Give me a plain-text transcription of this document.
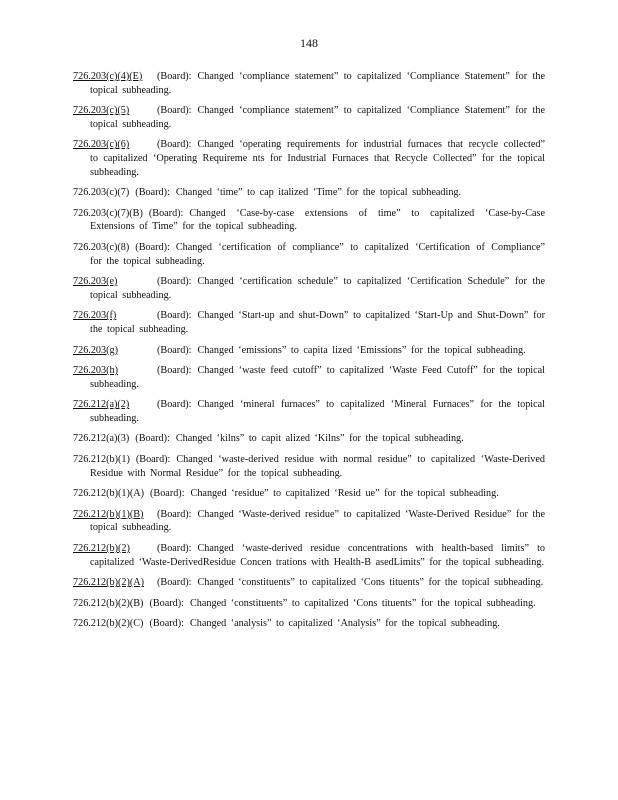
148

726.203(c)(4)(E) (Board): Changed ‘compliance statement” to capitalized ‘Compliance Statement” for the topical subheading.

726.203(c)(5)	(Board): Changed ‘compliance statement” to capitalized ‘Compliance Statement” for the topical subheading.

726.203(c)(6)	(Board): Changed ‘operating requirements for industrial furnaces that recycle collected” to capitalized ‘Operating Requireme nts for Industrial Furnaces that Recycle Collected” for the topical subheading.

726.203(c)(7) (Board): Changed ‘time” to cap italized ‘Time” for the topical subheading.

726.203(c)(7)(B) (Board): Changed ‘Case-by-case extensions of time” to capitalized ‘Case-by-Case Extensions of Time” for the topical subheading.

726.203(c)(8) (Board): Changed ‘certification of compliance” to capitalized ‘Certification of Compliance” for the topical subheading.

726.203(e)	(Board): Changed ‘certification schedule” to capitalized ‘Certification Schedule” for the topical subheading.

726.203(f)	(Board): Changed ‘Start-up and shut-Down” to capitalized ‘Start-Up and Shut-Down” for the topical subheading.

726.203(g)	(Board): Changed ‘emissions” to capita lized ‘Emissions” for the topical subheading.

726.203(h)	(Board): Changed ‘waste feed cutoff” to capitalized ‘Waste Feed Cutoff” for the topical subheading.

726.212(a)(2)	(Board): Changed ‘mineral furnaces” to capitalized ‘Mineral Furnaces” for the topical subheading.

726.212(a)(3) (Board): Changed ‘kilns” to capit alized ‘Kilns” for the topical subheading.

726.212(b)(1) (Board): Changed ‘waste-derived residue with normal residue” to capitalized ‘Waste-Derived Residue with Normal Residue” for the topical subheading.

726.212(b)(1)(A) (Board): Changed ‘residue” to capitalized ‘Resid ue” for the topical subheading.

726.212(b)(1)(B) (Board): Changed ‘Waste-derived residue” to capitalized ‘Waste-Derived Residue” for the topical subheading.

726.212(b)(2)	(Board): Changed ‘waste-derived residue concentrations with health-based limits” to capitalized ‘Waste-DerivedResidue Concen trations with Health-B asedLimits” for the topical subheading.

726.212(b)(2)(A) (Board): Changed ‘constituents” to capitalized ‘Cons tituents” for the topical subheading.

726.212(b)(2)(B) (Board): Changed ‘constituents” to capitalized ‘Cons tituents” for the topical subheading.

726.212(b)(2)(C) (Board): Changed ‘analysis” to capitalized ‘Analysis” for the topical subheading.
